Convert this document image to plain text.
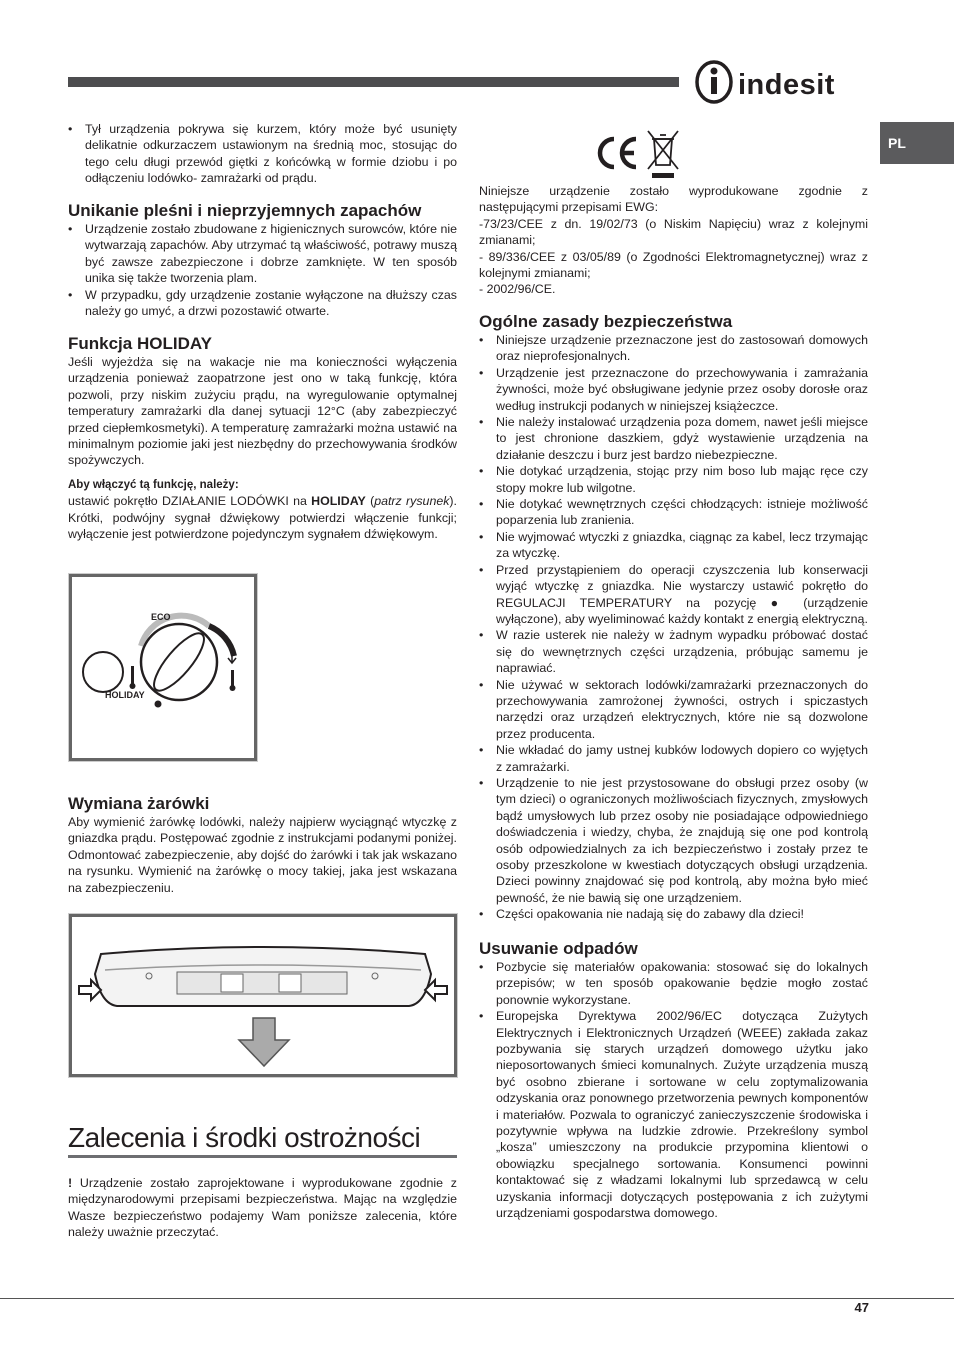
indesit
PL
• Tył urządzenia pokrywa się kurzem, który może być usunięty delikatnie odkurzaczem ustawionym na średnią moc, stosując do tego celu długi przewód giętki z końcówką w formie dziobu i po odłączeniu lodówko- zamrażarki od prądu.
Unikanie pleśni i nieprzyjemnych zapachów
• Urządzenie zostało zbudowane z higienicznych surowców, które nie wytwarzają zapachów. Aby utrzymać tą właściwość, potrawy muszą być zawsze zabezpieczone i dobrze zamknięte. W ten sposób unika się także tworzenia plam.
• W przypadku, gdy urządzenie zostanie wyłączone na dłuższy czas należy go umyć, a drzwi pozostawić otwarte.
Funkcja HOLIDAY

Jeśli wyjeżdża się na wakacje nie ma konieczności wyłączenia urządzenia ponieważ zaopatrzone jest ono w taką funkcję, która pozwoli, przy niskim zużyciu prądu, na wyregulowanie optymalnej temperatury zamrażarki dla danej sytuacji 12°C (aby zabezpieczyć przed ciepłemkosmetyki). A temperaturę zamrażarki można ustawić na minimalnym poziomie jaki jest niezbędny do przechowywania środków spożywczych.

Aby włączyć tą funkcję, należy:

ustawić pokrętło DZIAŁANIE LODÓWKI na HOLIDAY (patrz rysunek). Krótki, podwójny sygnał dźwiękowy potwierdzi włączenie funkcji; wyłączenie jest potwierdzone pojedynczym sygnałem dźwiękowym.

ECO
HOLIDAY
Wymiana żarówki

Aby wymienić żarówkę lodówki, należy najpierw wyciągnąć wtyczkę z gniazdka prądu. Postępować zgodnie z instrukcjami podanymi poniżej. Odmontować zabezpieczenie, aby dojść do żarówki i tak jak wskazano na rysunku. Wymienić na żarówkę o mocy takiej, jaka jest wskazana na zabezpieczeniu.

Zalecenia i środki ostrożności

! Urządzenie zostało zaprojektowane i wyprodukowane zgodnie z międzynarodowymi przepisami bezpieczeństwa. Mając na względzie Wasze bezpieczeństwo podajemy Wam poniższe zalecenia, które należy uważnie przeczytać.

Niniejsze urządzenie zostało wyprodukowane zgodnie z następującymi przepisami EWG:

-73/23/CEE z dn. 19/02/73 (o Niskim Napięciu) wraz z kolejnymi zmianami;

- 89/336/CEE z 03/05/89 (o Zgodności Elektromagnetycznej) wraz z kolejnymi zmianami;

- 2002/96/CE.

Ogólne zasady bezpieczeństwa
• Niniejsze urządzenie przeznaczone jest do zastosowań domowych oraz nieprofesjonalnych.
• Urządzenie jest przeznaczone do przechowywania i zamrażania żywności, może być obsługiwane jedynie przez osoby dorosłe oraz według instrukcji podanych w niniejszej książeczce.
• Nie należy instalować urządzenia poza domem, nawet jeśli miejsce to jest chronione daszkiem, gdyż wystawienie urządzenia na działanie deszczu i burz jest bardzo niebezpieczne.
• Nie dotykać urządzenia, stojąc przy nim boso lub mając ręce czy stopy mokre lub wilgotne.
• Nie dotykać wewnętrznych części chłodzących: istnieje możliwość poparzenia lub zranienia.
• Nie wyjmować wtyczki z gniazdka, ciągnąc za kabel, lecz trzymając za wtyczkę.
• Przed przystąpieniem do operacji czyszczenia lub konserwacji wyjąć wtyczkę z gniazdka. Nie wystarczy ustawić pokrętło do REGULACJI TEMPERATURY na pozycję ● (urządzenie wyłączone), aby wyeliminować każdy kontakt z energią elektryczną.
• W razie usterek nie należy w żadnym wypadku próbować dostać się do wewnętrznych części urządzenia, próbując samemu je naprawiać.
• Nie używać w sektorach lodówki/zamrażarki przeznaczonych do przechowywania zamrożonej żywności, ostrych i spiczastych narzędzi oraz urządzeń elektrycznych, które nie są dozwolone przez producenta.
• Nie wkładać do jamy ustnej kubków lodowych dopiero co wyjętych z zamrażarki.
• Urządzenie to nie jest przystosowane do obsługi przez osoby (w tym dzieci) o ograniczonych możliwościach fizycznych, zmysłowych bądź umysłowych lub przez osoby nie posiadające odpowiedniego doświadczenia i wiedzy, chyba, że znajdują się one pod kontrolą osób odpowiedzialnych za ich bezpieczeństwo i zostały przez te osoby przeszkolone w kwestiach dotyczących obsługi urządzenia. Dzieci powinny znajdować się pod kontrolą, aby można było mieć pewność, że nie bawią się one urządzeniem.
• Części opakowania nie nadają się do zabawy dla dzieci!
Usuwanie odpadów
• Pozbycie się materiałów opakowania: stosować się do lokalnych przepisów; w ten sposób opakowanie będzie mogło zostać ponownie wykorzystane.
• Europejska Dyrektywa 2002/96/EC dotycząca Zużytych Elektrycznych i Elektronicznych Urządzeń (WEEE) zakłada zakaz pozbywania się starych urządzeń domowego użytku jako nieposortowanych śmieci komunalnych. Zużyte urządzenia muszą być osobno zbierane i sortowane w celu zoptymalizowania odzyskania oraz ponownego przetworzenia pewnych komponentów i materiałów. Pozwala to ograniczyć zanieczyszczenie środowiska i pozytywnie wpływa na ludzkie zdrowie. Przekreślony symbol „kosza” umieszczony na produkcie przypomina klientowi o obowiązku specjalnego sortowania. Konsumenci powinni kontaktować się z władzami lokalnymi lub sprzedawcą w celu uzyskania informacji dotyczących postępowania z ich zużytymi urządzeniami gospodarstwa domowego.
47
